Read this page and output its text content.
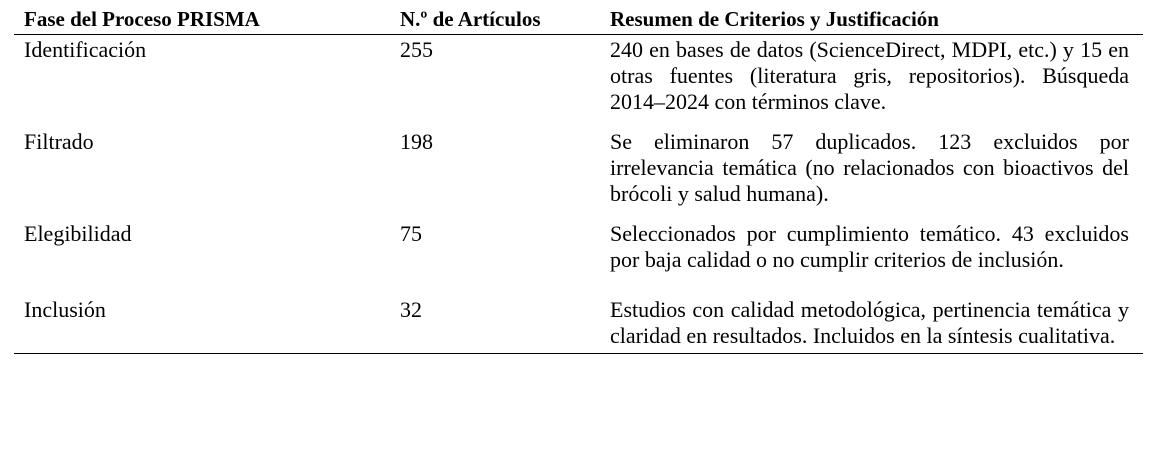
Fase del Proceso PRISMA	N.º de Artículos	Resumen de Criterios y Justificación
Identificación	255	240 en bases de datos (ScienceDirect, MDPI, etc.) y 15 en otras fuentes (literatura gris, repositorios). Búsqueda 2014–2024 con términos clave.
Filtrado	198	Se eliminaron 57 duplicados. 123 excluidos por irrelevancia temática (no relacionados con bioactivos del brócoli y salud humana).
Elegibilidad	75	Seleccionados por cumplimiento temático. 43 excluidos por baja calidad o no cumplir criterios de inclusión.
Inclusión	32	Estudios con calidad metodológica, pertinencia temática y claridad en resultados. Incluidos en la síntesis cualitativa.
